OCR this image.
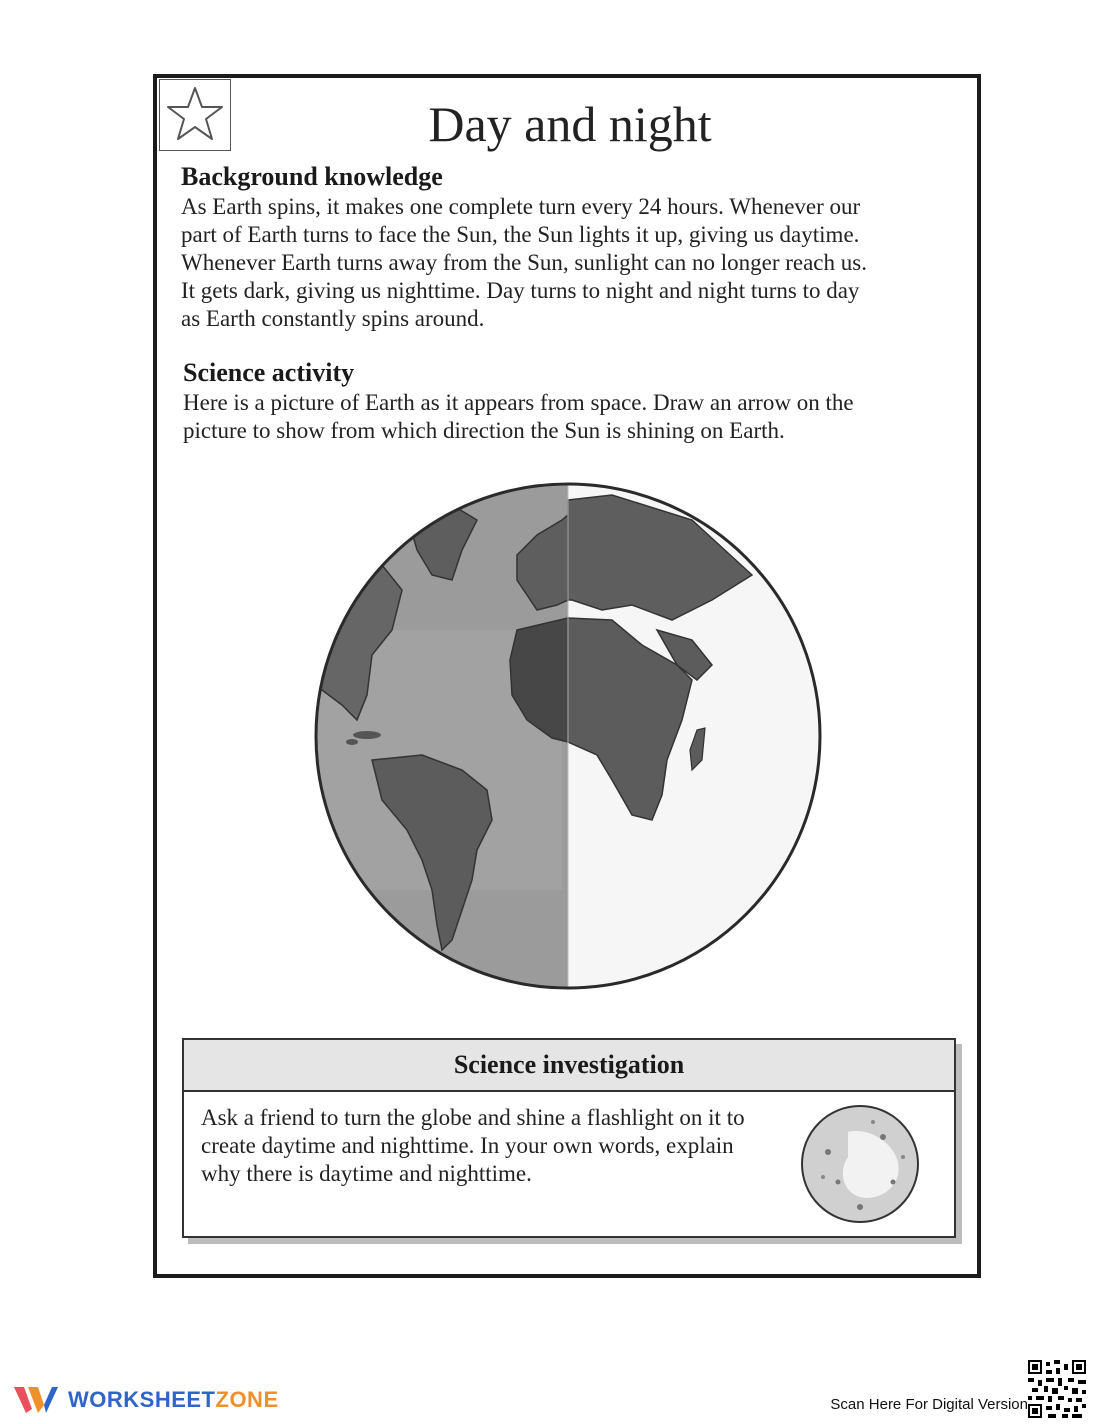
Day and night
Background knowledge
As Earth spins, it makes one complete turn every 24 hours. Whenever our
part of Earth turns to face the Sun, the Sun lights it up, giving us daytime.
Whenever Earth turns away from the Sun, sunlight can no longer reach us.
It gets dark, giving us nighttime. Day turns to night and night turns to day
as Earth constantly spins around.
Science activity
Here is a picture of Earth as it appears from space. Draw an arrow on the
picture to show from which direction the Sun is shining on Earth.
Science investigation
Ask a friend to turn the globe and shine a flashlight on it to
create daytime and nighttime. In your own words, explain
why there is daytime and nighttime.
WORKSHEETZONE	Scan Here For Digital Version
